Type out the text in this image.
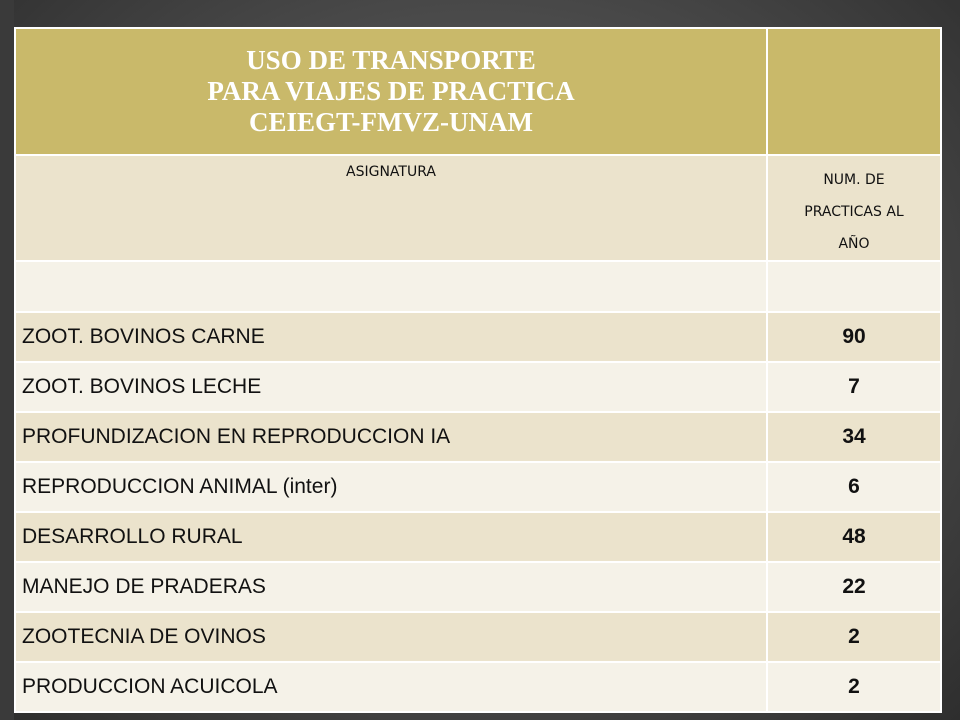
USO DE TRANSPORTE
PARA VIAJES DE PRACTICA
CEIEGT-FMVZ-UNAM	

ASIGNATURA	NUM. DE
PRACTICAS AL
AÑO

ZOOT. BOVINOS CARNE	90
ZOOT. BOVINOS LECHE	7
PROFUNDIZACION EN REPRODUCCION IA	34
REPRODUCCION ANIMAL (inter)	6
DESARROLLO RURAL	48
MANEJO DE PRADERAS	22
ZOOTECNIA DE OVINOS	2
PRODUCCION ACUICOLA	2
